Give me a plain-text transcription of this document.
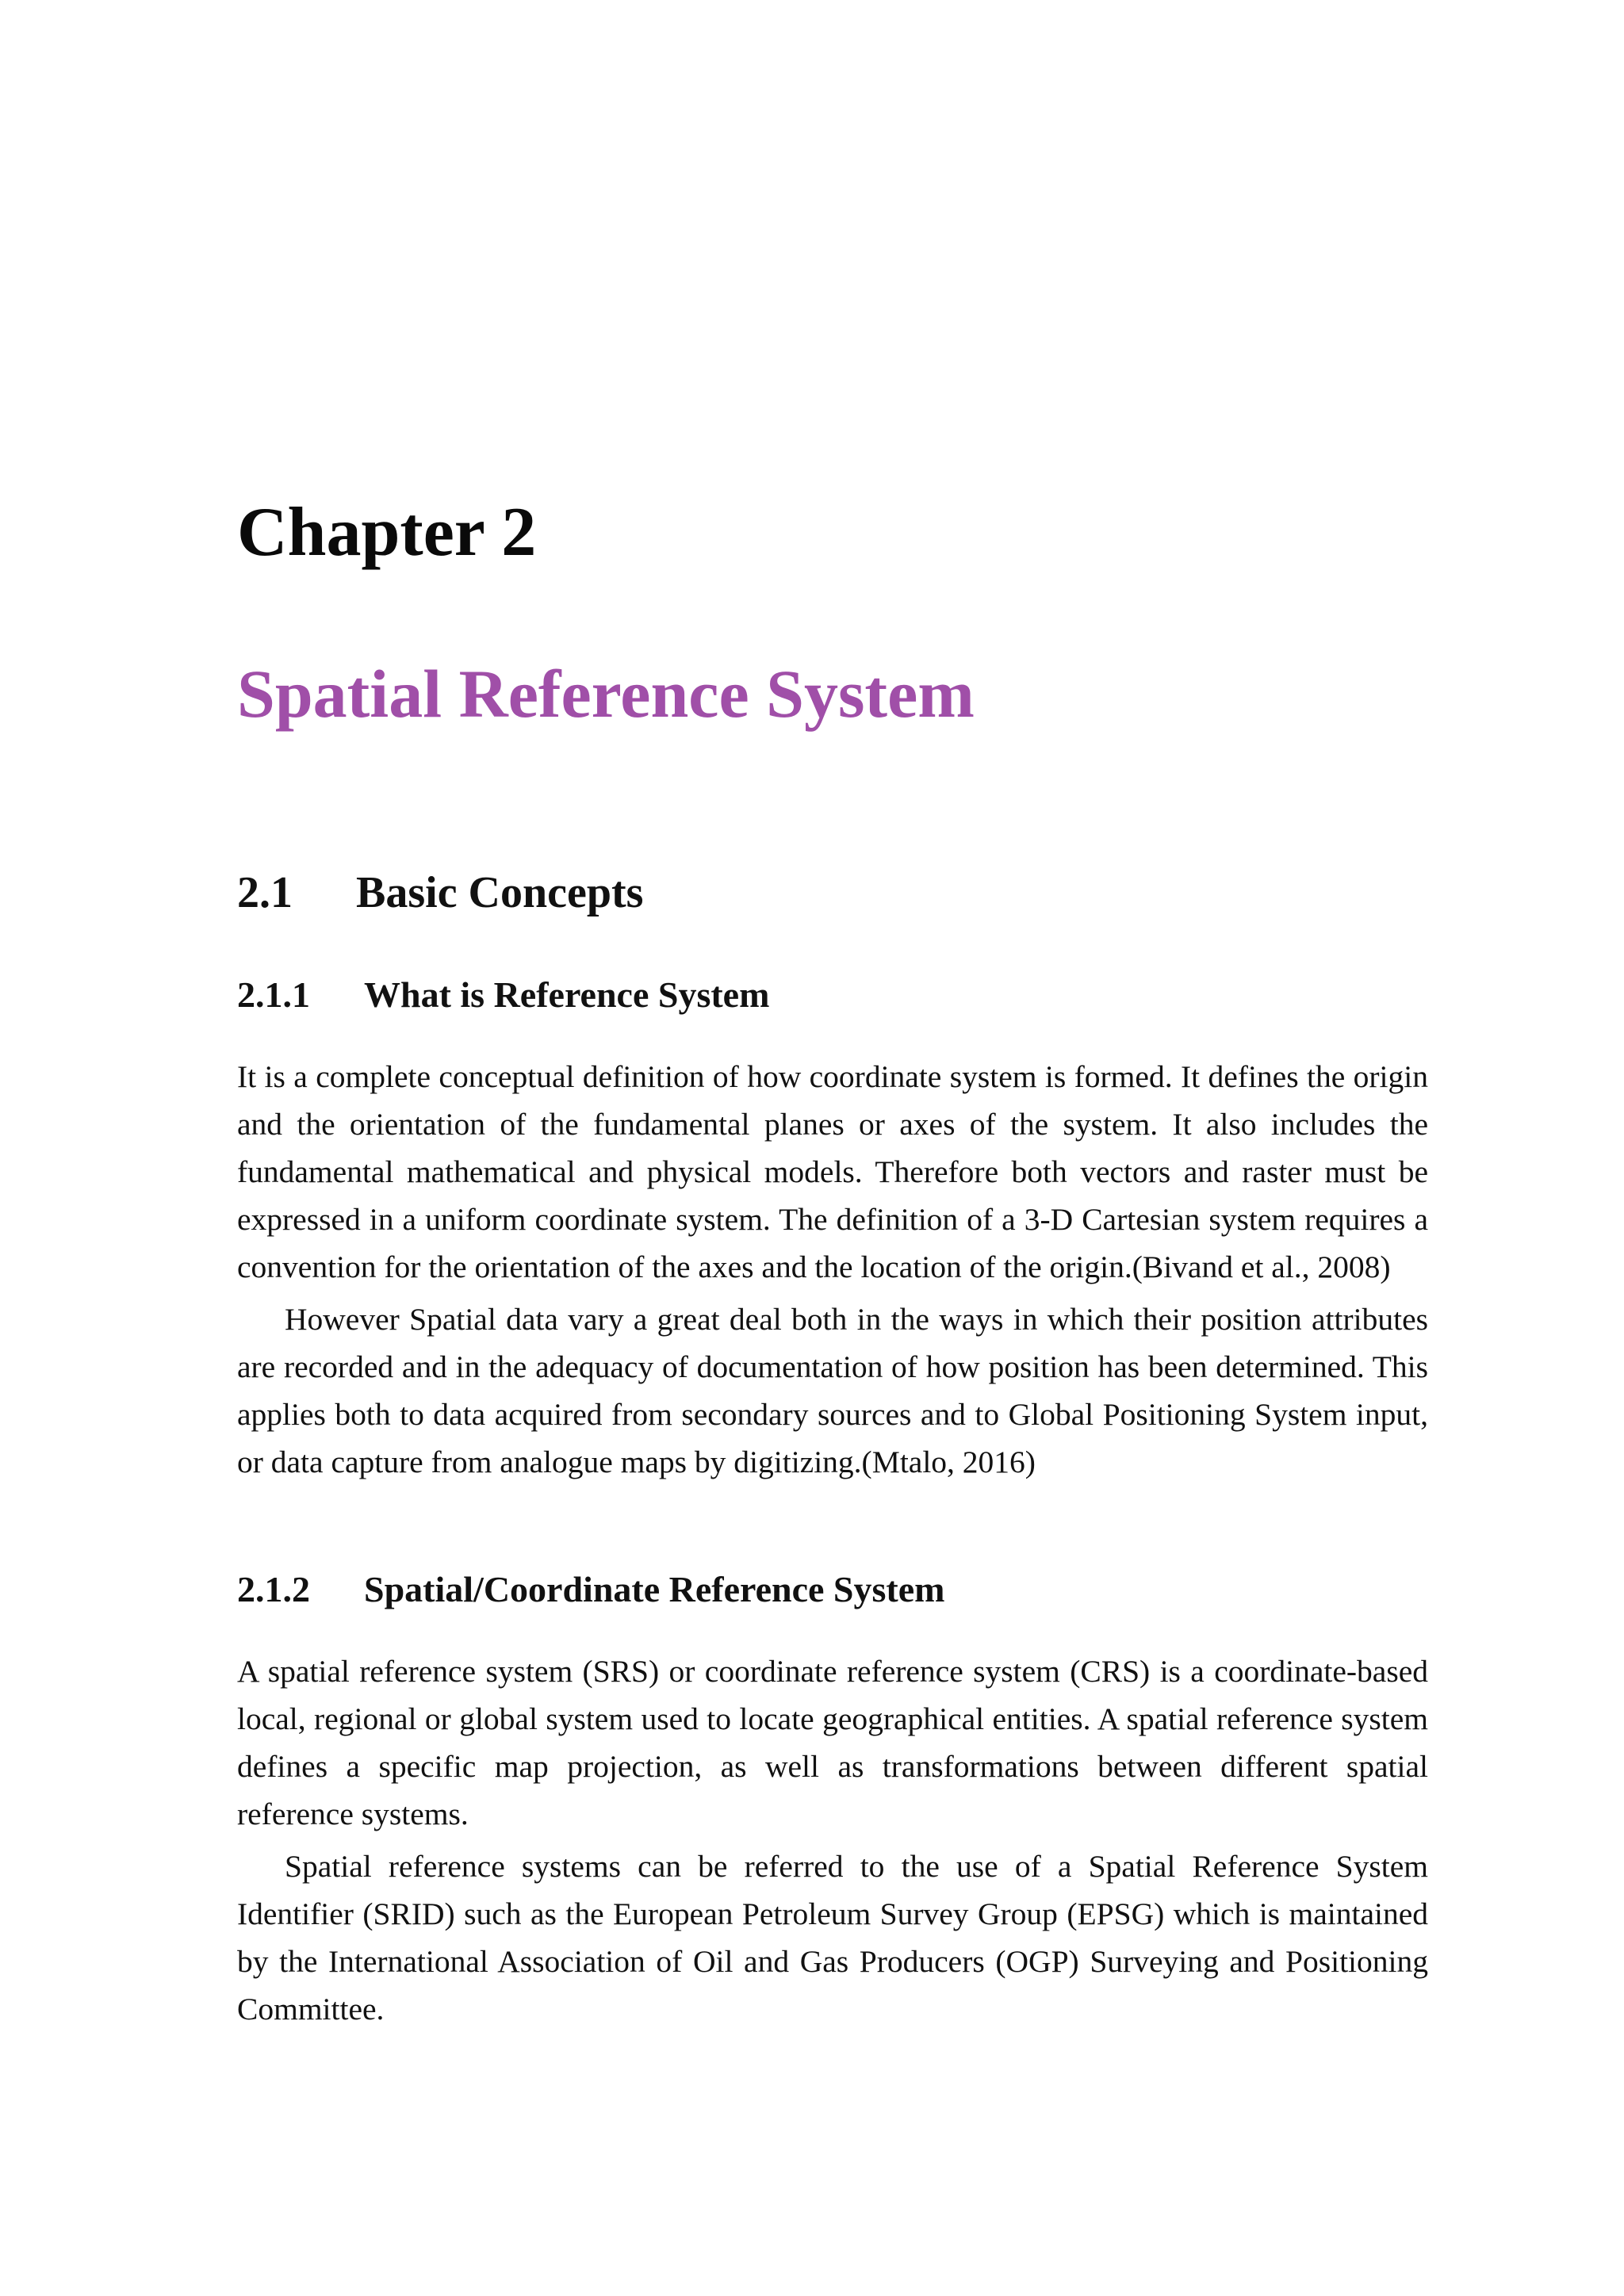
Chapter 2
Spatial Reference System
2.1 Basic Concepts
2.1.1 What is Reference System

It is a complete conceptual definition of how coordinate system is formed. It defines the origin and the orientation of the fundamental planes or axes of the system. It also includes the fundamental mathematical and physical models. Therefore both vectors and raster must be expressed in a uniform coordinate system. The definition of a 3-D Cartesian system requires a convention for the orientation of the axes and the location of the origin.(Bivand et al., 2008)

However Spatial data vary a great deal both in the ways in which their position attributes are recorded and in the adequacy of documentation of how position has been determined. This applies both to data acquired from secondary sources and to Global Positioning System input, or data capture from analogue maps by digitizing.(Mtalo, 2016)

2.1.2 Spatial/Coordinate Reference System

A spatial reference system (SRS) or coordinate reference system (CRS) is a coordinate-based local, regional or global system used to locate geographical entities. A spatial reference system defines a specific map projection, as well as transformations between different spatial reference systems.

Spatial reference systems can be referred to the use of a Spatial Reference System Identifier (SRID) such as the European Petroleum Survey Group (EPSG) which is maintained by the International Association of Oil and Gas Producers (OGP) Surveying and Positioning Committee.
